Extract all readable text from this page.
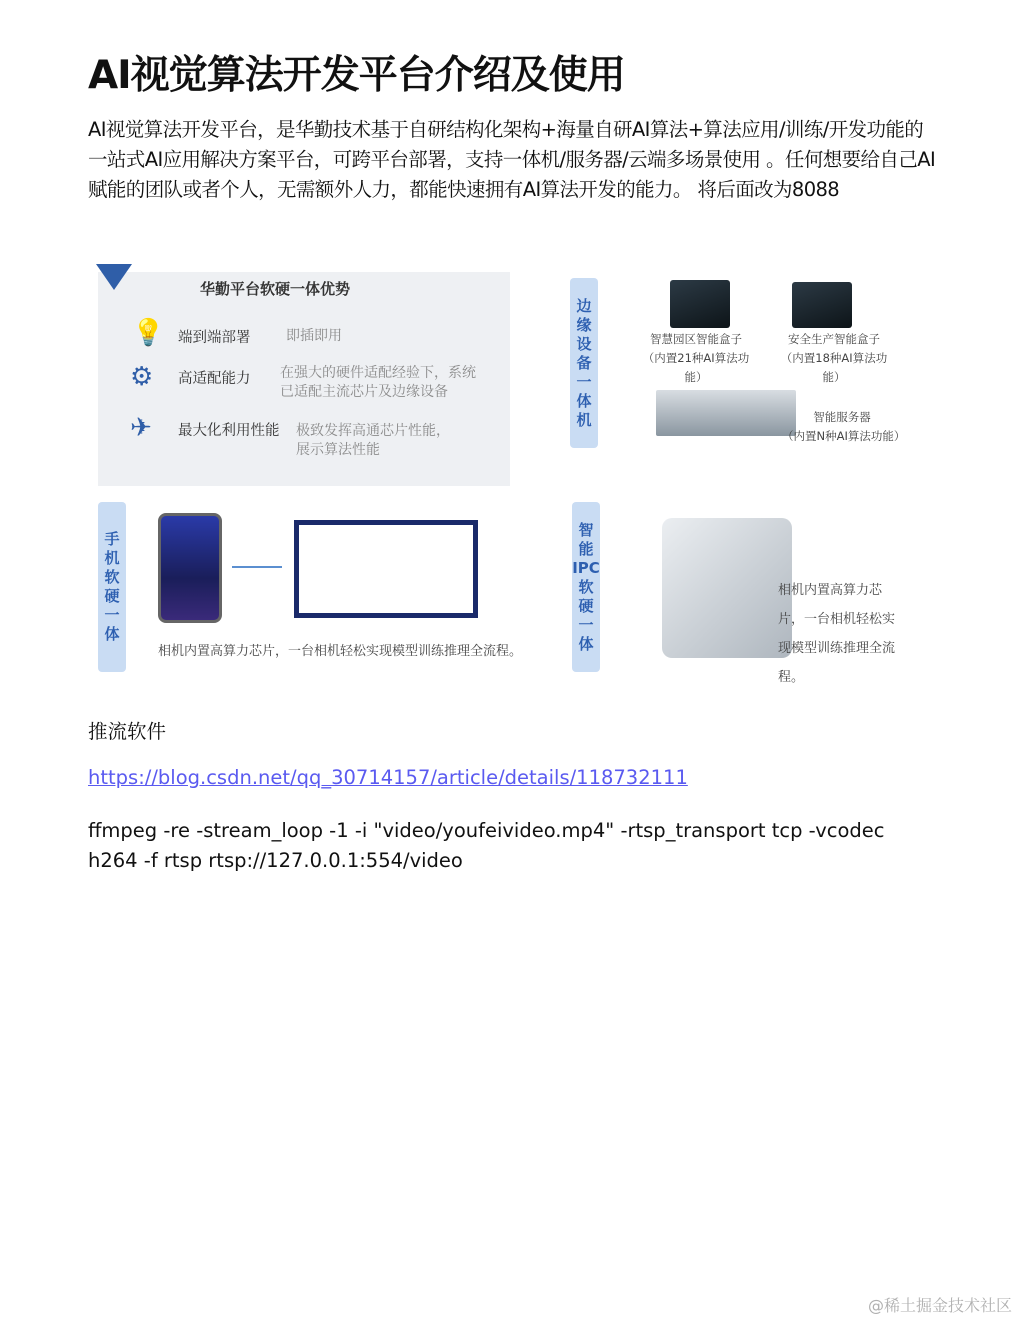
AI视觉算法开发平台介绍及使用
AI视觉算法开发平台，是华勤技术基于自研结构化架构+海量自研AI算法+算法应用/训练/开发功能的一站式AI应用解决方案平台，可跨平台部署，支持一体机/服务器/云端多场景使用 。任何想要给自己AI赋能的团队或者个人，无需额外人力，都能快速拥有AI算法开发的能力。 将后面改为8088
华勤平台软硬一体优势
💡 端到端部署	即插即用
⚙ 高适配能力 在强大的硬件适配经验下，系统已适配主流芯片及边缘设备
✈ 最大化利用性能 极致发挥高通芯片性能，展示算法性能
边缘设备一体机
智慧园区智能盒子
（内置21种AI算法功能）
安全生产智能盒子
（内置18种AI算法功能）
智能服务器
（内置N种AI算法功能）
手机软硬一体
相机内置高算力芯片，一台相机轻松实现模型训练推理全流程。
智能IPC软硬一体
相机内置高算力芯片，一台相机轻松实现模型训练推理全流程。
推流软件
https://blog.csdn.net/qq_30714157/article/details/118732111
ffmpeg -re -stream_loop -1 -i "video/youfeivideo.mp4" -rtsp_transport tcp -vcodec h264 -f rtsp rtsp://127.0.0.1:554/video
@稀土掘金技术社区
